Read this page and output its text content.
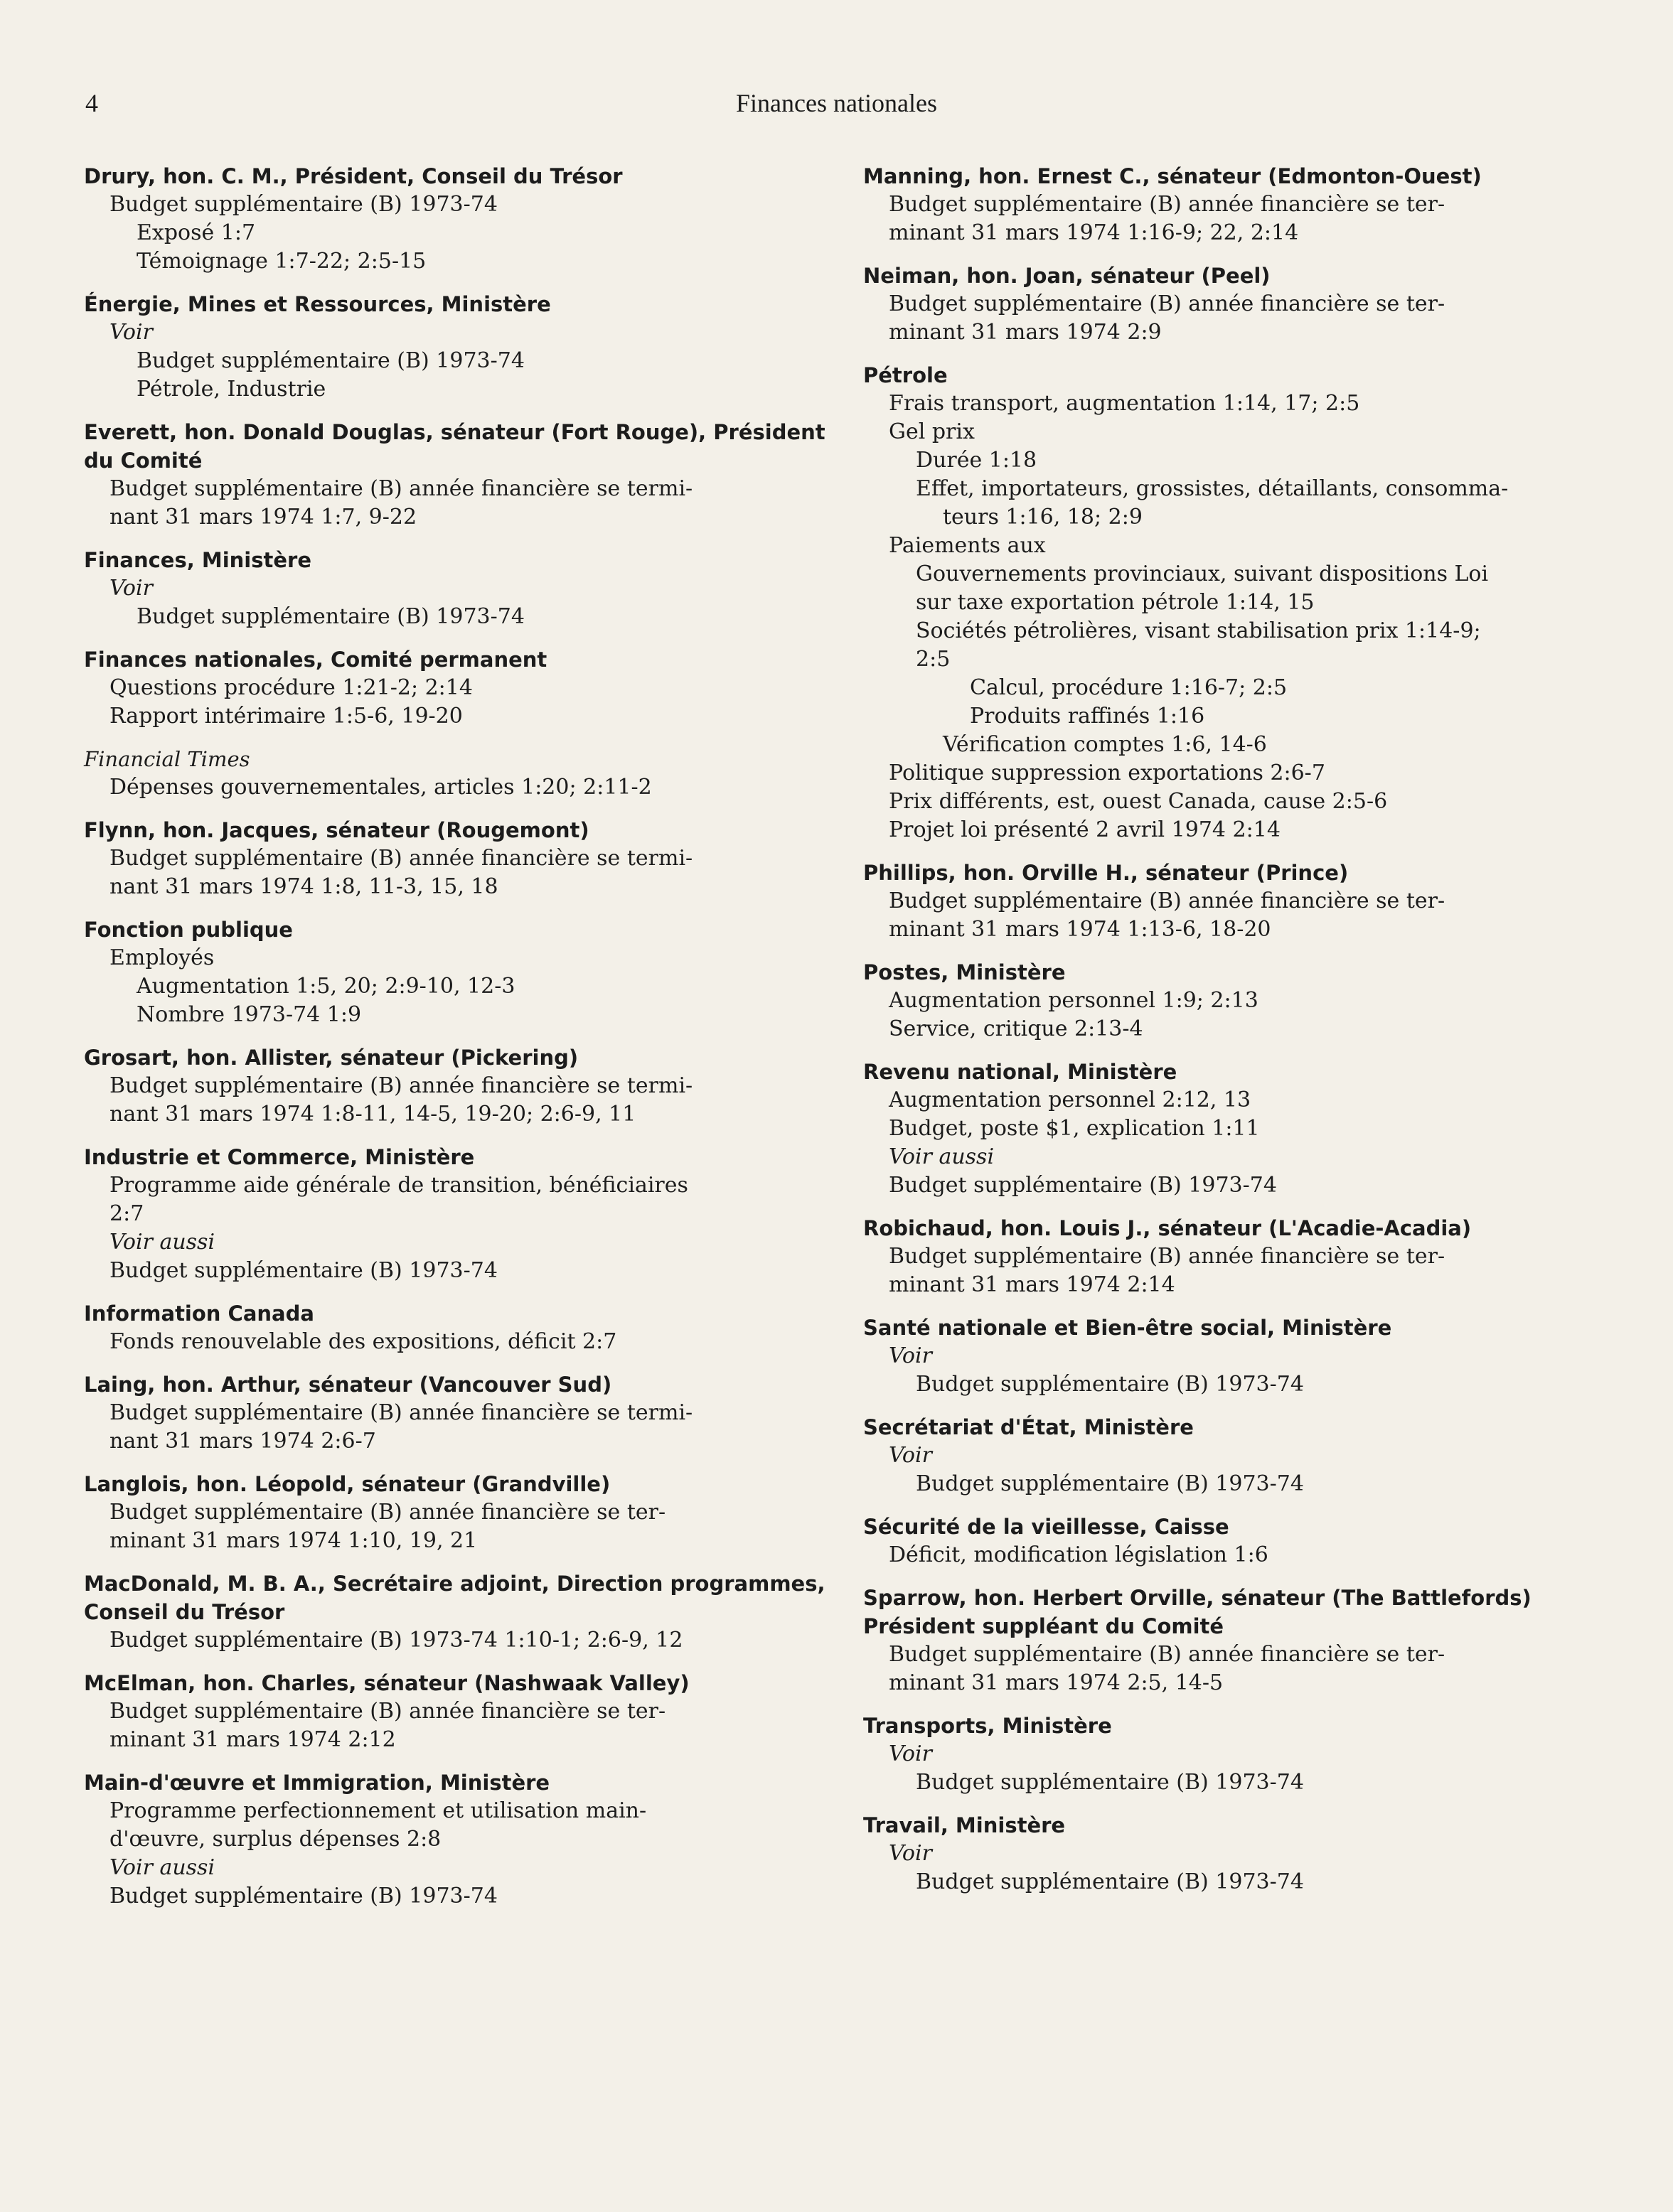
4	Finances nationales
Drury, hon. C. M., Président, Conseil du Trésor
Budget supplémentaire (B) 1973-74
Exposé 1:7
Témoignage 1:7-22; 2:5-15
Énergie, Mines et Ressources, Ministère
Voir
Budget supplémentaire (B) 1973-74
Pétrole, Industrie
Everett, hon. Donald Douglas, sénateur (Fort Rouge), Président du Comité
Budget supplémentaire (B) année financière se termi-
nant 31 mars 1974 1:7, 9-22
Finances, Ministère
Voir
Budget supplémentaire (B) 1973-74
Finances nationales, Comité permanent
Questions procédure 1:21-2; 2:14
Rapport intérimaire 1:5-6, 19-20
Financial Times
Dépenses gouvernementales, articles 1:20; 2:11-2
Flynn, hon. Jacques, sénateur (Rougemont)
Budget supplémentaire (B) année financière se termi-
nant 31 mars 1974 1:8, 11-3, 15, 18
Fonction publique
Employés
Augmentation 1:5, 20; 2:9-10, 12-3
Nombre 1973-74 1:9
Grosart, hon. Allister, sénateur (Pickering)
Budget supplémentaire (B) année financière se termi-
nant 31 mars 1974 1:8-11, 14-5, 19-20; 2:6-9, 11
Industrie et Commerce, Ministère
Programme aide générale de transition, bénéficiaires
2:7
Voir aussi
Budget supplémentaire (B) 1973-74
Information Canada
Fonds renouvelable des expositions, déficit 2:7
Laing, hon. Arthur, sénateur (Vancouver Sud)
Budget supplémentaire (B) année financière se termi-
nant 31 mars 1974 2:6-7
Langlois, hon. Léopold, sénateur (Grandville)
Budget supplémentaire (B) année financière se ter-
minant 31 mars 1974 1:10, 19, 21
MacDonald, M. B. A., Secrétaire adjoint, Direction programmes, Conseil du Trésor
Budget supplémentaire (B) 1973-74 1:10-1; 2:6-9, 12
McElman, hon. Charles, sénateur (Nashwaak Valley)
Budget supplémentaire (B) année financière se ter-
minant 31 mars 1974 2:12
Main-d'œuvre et Immigration, Ministère
Programme perfectionnement et utilisation main-
d'œuvre, surplus dépenses 2:8
Voir aussi
Budget supplémentaire (B) 1973-74
Manning, hon. Ernest C., sénateur (Edmonton-Ouest)
Budget supplémentaire (B) année financière se ter-
minant 31 mars 1974 1:16-9; 22, 2:14
Neiman, hon. Joan, sénateur (Peel)
Budget supplémentaire (B) année financière se ter-
minant 31 mars 1974 2:9
Pétrole
Frais transport, augmentation 1:14, 17; 2:5
Gel prix
Durée 1:18
Effet, importateurs, grossistes, détaillants, consomma-
teurs 1:16, 18; 2:9
Paiements aux
Gouvernements provinciaux, suivant dispositions Loi
sur taxe exportation pétrole 1:14, 15
Sociétés pétrolières, visant stabilisation prix 1:14-9;
2:5
Calcul, procédure 1:16-7; 2:5
Produits raffinés 1:16
Vérification comptes 1:6, 14-6
Politique suppression exportations 2:6-7
Prix différents, est, ouest Canada, cause 2:5-6
Projet loi présenté 2 avril 1974 2:14
Phillips, hon. Orville H., sénateur (Prince)
Budget supplémentaire (B) année financière se ter-
minant 31 mars 1974 1:13-6, 18-20
Postes, Ministère
Augmentation personnel 1:9; 2:13
Service, critique 2:13-4
Revenu national, Ministère
Augmentation personnel 2:12, 13
Budget, poste $1, explication 1:11
Voir aussi
Budget supplémentaire (B) 1973-74
Robichaud, hon. Louis J., sénateur (L'Acadie-Acadia)
Budget supplémentaire (B) année financière se ter-
minant 31 mars 1974 2:14
Santé nationale et Bien-être social, Ministère
Voir
Budget supplémentaire (B) 1973-74
Secrétariat d'État, Ministère
Voir
Budget supplémentaire (B) 1973-74
Sécurité de la vieillesse, Caisse
Déficit, modification législation 1:6
Sparrow, hon. Herbert Orville, sénateur (The Battlefords) Président suppléant du Comité
Budget supplémentaire (B) année financière se ter-
minant 31 mars 1974 2:5, 14-5
Transports, Ministère
Voir
Budget supplémentaire (B) 1973-74
Travail, Ministère
Voir
Budget supplémentaire (B) 1973-74
